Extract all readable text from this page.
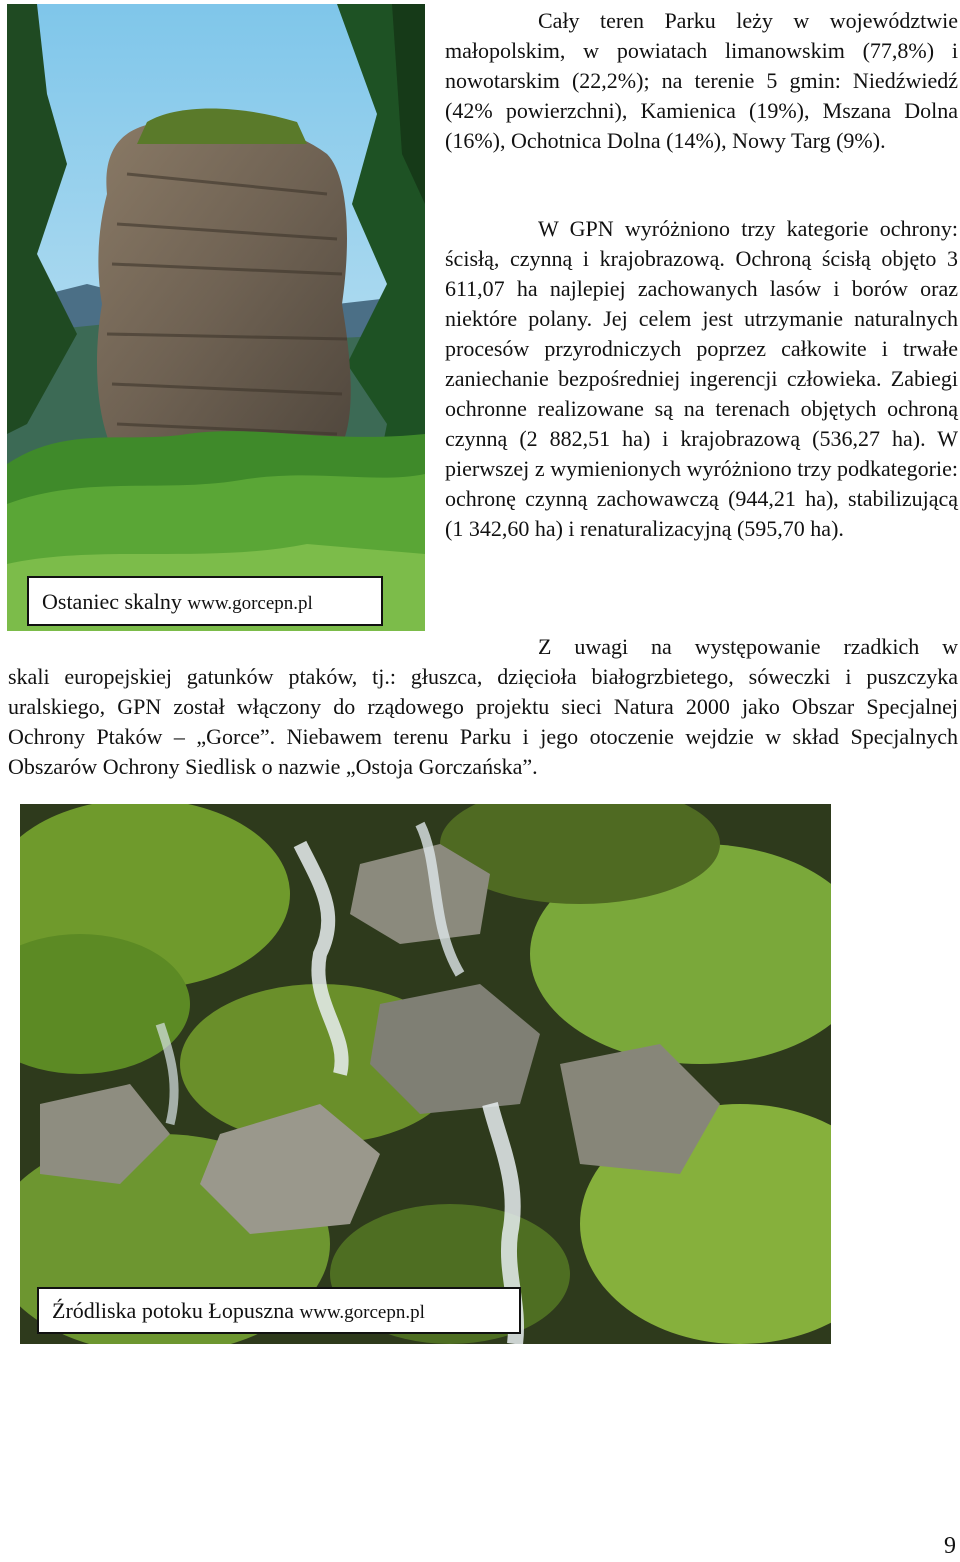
Ostaniec skalny www.gorcepn.pl

Cały teren Parku leży w województwie małopolskim, w powiatach limanowskim (77,8%) i nowotarskim (22,2%); na terenie 5 gmin: Niedźwiedź (42% powierzchni), Kamienica (19%), Mszana Dolna (16%), Ochotnica Dolna (14%), Nowy Targ (9%).

W GPN wyróżniono trzy kategorie ochrony: ścisłą, czynną i krajobrazową. Ochroną ścisłą objęto 3 611,07 ha najlepiej zachowanych lasów i borów oraz niektóre polany. Jej celem jest utrzymanie naturalnych procesów przyrodniczych poprzez całkowite i trwałe zaniechanie bezpośredniej ingerencji człowieka. Zabiegi ochronne realizowane są na terenach objętych ochroną czynną (2 882,51 ha) i krajobrazową (536,27 ha). W pierwszej z wymienionych wyróżniono trzy podkategorie: ochronę czynną zachowawczą (944,21 ha), stabilizującą (1 342,60 ha) i renaturalizacyjną (595,70 ha).

Z uwagi na występowanie rzadkich w

skali europejskiej gatunków ptaków, tj.: głuszca, dzięcioła białogrzbietego, sóweczki i puszczyka uralskiego, GPN został włączony do rządowego projektu sieci Natura 2000 jako Obszar Specjalnej Ochrony Ptaków – „Gorce”. Niebawem terenu Parku i jego otoczenie wejdzie w skład Specjalnych Obszarów Ochrony Siedlisk o nazwie „Ostoja Gorczańska”.

Źródliska potoku Łopuszna www.gorcepn.pl
9
